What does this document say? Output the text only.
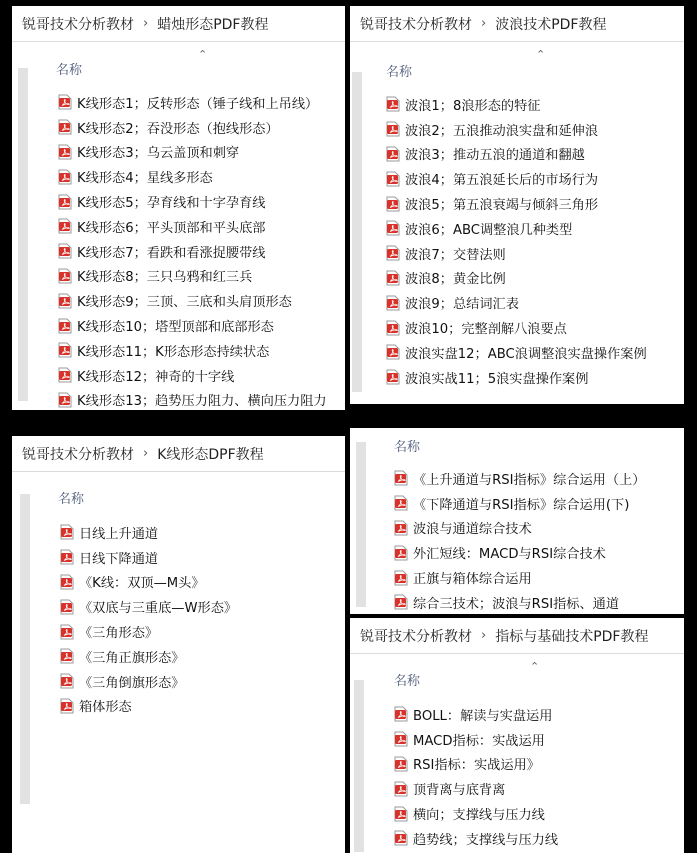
锐哥技术分析教材 › 蜡烛形态PDF教程
⌃
名称
K线形态1；反转形态（锤子线和上吊线）
K线形态2；吞没形态（抱线形态）
K线形态3；乌云盖顶和刺穿
K线形态4；星线多形态
K线形态5；孕育线和十字孕育线
K线形态6；平头顶部和平头底部
K线形态7；看跌和看涨捉腰带线
K线形态8；三只乌鸦和红三兵
K线形态9；三顶、三底和头肩顶形态
K线形态10；塔型顶部和底部形态
K线形态11；K形态形态持续状态
K线形态12；神奇的十字线
K线形态13；趋势压力阻力、横向压力阻力
锐哥技术分析教材 › 波浪技术PDF教程
⌃
名称
波浪1；8浪形态的特征
波浪2；五浪推动浪实盘和延伸浪
波浪3；推动五浪的通道和翻越
波浪4；第五浪延长后的市场行为
波浪5；第五浪衰竭与倾斜三角形
波浪6；ABC调整浪几种类型
波浪7；交替法则
波浪8；黄金比例
波浪9；总结词汇表
波浪10；完整剖解八浪要点
波浪实盘12；ABC浪调整浪实盘操作案例
波浪实战11；5浪实盘操作案例
锐哥技术分析教材 › K线形态DPF教程
名称
日线上升通道
日线下降通道
《K线：双顶—M头》
《双底与三重底—W形态》
《三角形态》
《三角正旗形态》
《三角倒旗形态》
箱体形态
名称
《上升通道与RSI指标》综合运用（上）
《下降通道与RSI指标》综合运用(下)
波浪与通道综合技术
外汇短线：MACD与RSI综合技术
正旗与箱体综合运用
综合三技术；波浪与RSI指标、通道
锐哥技术分析教材 › 指标与基础技术PDF教程
⌃
名称
BOLL：解读与实盘运用
MACD指标：实战运用
RSI指标：实战运用》
顶背离与底背离
横向；支撑线与压力线
趋势线；支撑线与压力线
